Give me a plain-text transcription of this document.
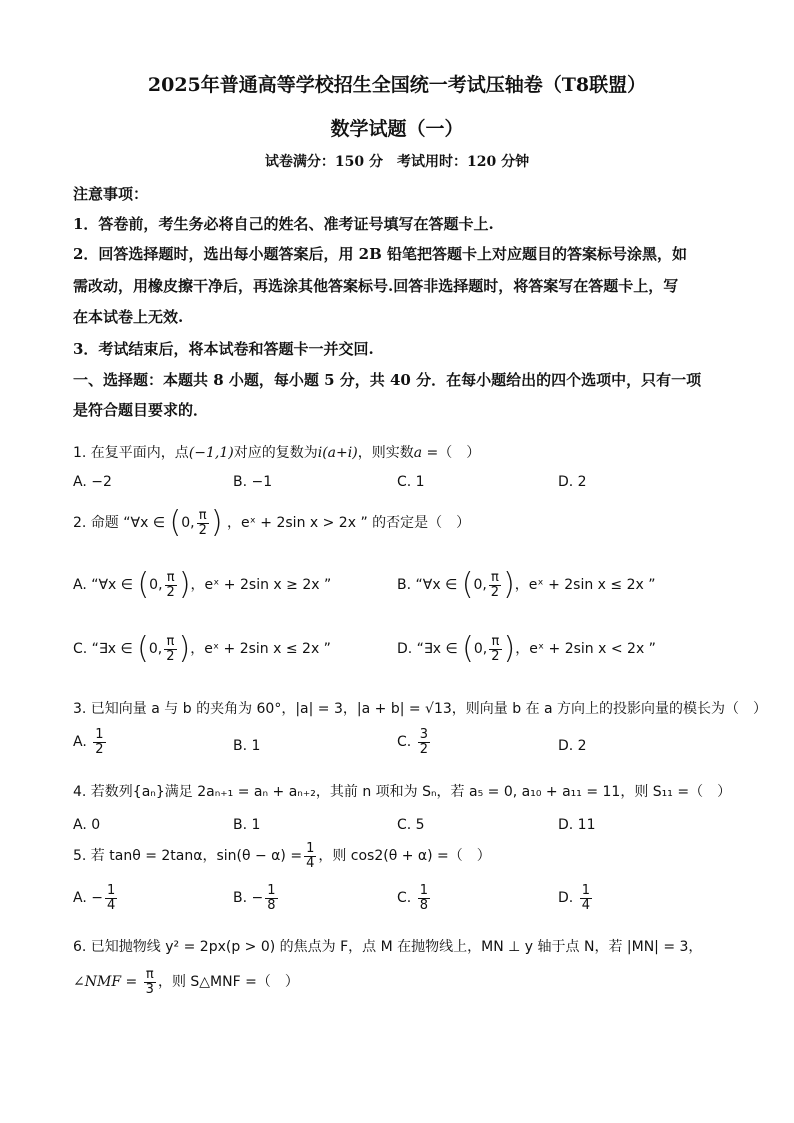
2025年普通高等学校招生全国统一考试压轴卷（T8联盟）
数学试题（一）
试卷满分：150 分　考试用时：120 分钟
注意事项：
1．答卷前，考生务必将自己的姓名、准考证号填写在答题卡上.
2．回答选择题时，选出每小题答案后，用 2B 铅笔把答题卡上对应题目的答案标号涂黑，如
需改动，用橡皮擦干净后，再选涂其他答案标号.回答非选择题时，将答案写在答题卡上，写
在本试卷上无效.
3．考试结束后，将本试卷和答题卡一并交回.
一、选择题：本题共 8 小题，每小题 5 分，共 40 分．在每小题给出的四个选项中，只有一项
是符合题目要求的．
1. 在复平面内，点(−1,1)对应的复数为i(a+i)，则实数a =（　）
A. −2	B. −1	C. 1	D. 2
2. 命题 “∀x ∈ (0, $\frac{\pi}{2}$ ) ，eˣ + 2sin x > 2x ” 的否定是（　）
A. “∀x ∈ (0, $\frac{\pi}{2}$ )，eˣ + 2sin x ≥ 2x ”	B. “∀x ∈ (0, $\frac{\pi}{2}$ )，eˣ + 2sin x ≤ 2x ”
C. “∃x ∈ (0, $\frac{\pi}{2}$ )，eˣ + 2sin x ≤ 2x ”	D. “∃x ∈ (0, $\frac{\pi}{2}$ )，eˣ + 2sin x < 2x ”
3. 已知向量 a 与 b 的夹角为 60°，|a| = 3，|a + b| = √13，则向量 b 在 a 方向上的投影向量的模长为（　）
A. $\frac{1}{2}$	B. 1	C. $\frac{3}{2}$	D. 2
4. 若数列{aₙ}满足 2aₙ₊₁ = aₙ + aₙ₊₂，其前 n 项和为 Sₙ，若 a₅ = 0, a₁₀ + a₁₁ = 11，则 S₁₁ =（　）
A. 0	B. 1	C. 5	D. 11
5. 若 tanθ = 2tanα，$\sin(\theta - \alpha) = \frac{1}{4}$ ，则 cos2(θ + α) =（　）
A. − $\frac{1}{4}$	B. − $\frac{1}{8}$	C. $\frac{1}{8}$	D. $\frac{1}{4}$
6. 已知抛物线 y² = 2px(p > 0) 的焦点为 F，点 M 在抛物线上，MN ⊥ y 轴于点 N，若 |MN| = 3，
∠NMF = $\frac{\pi}{3}$ ，则 S△MNF =（　）
